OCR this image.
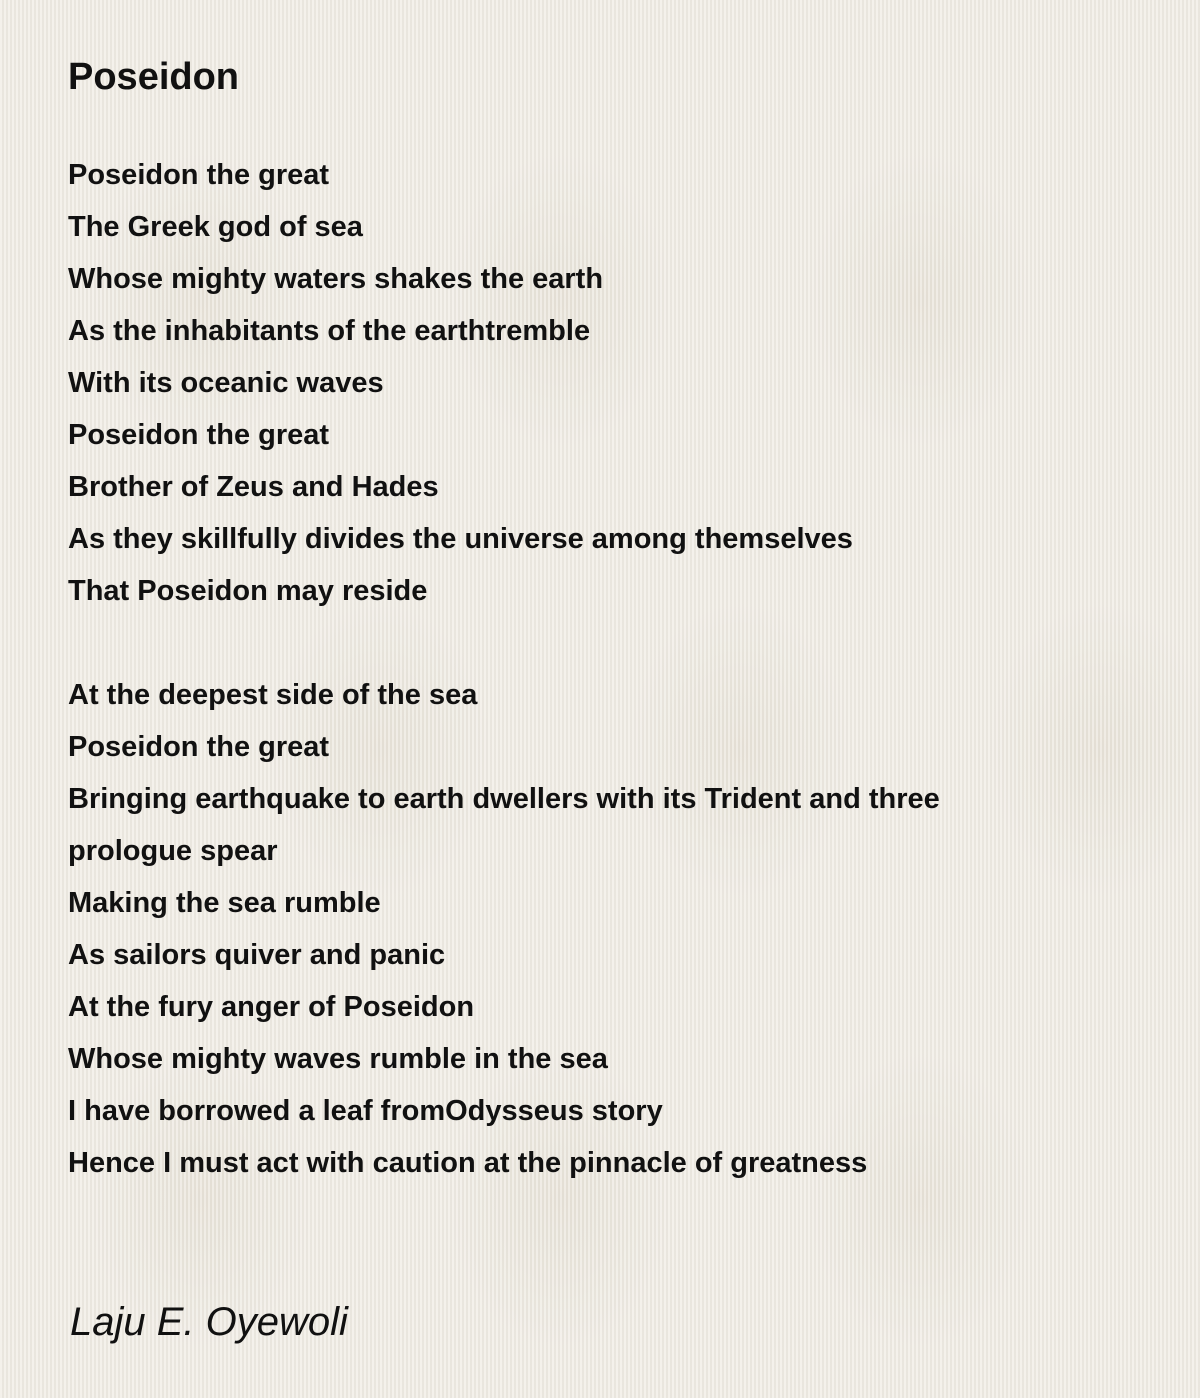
Poseidon

Poseidon the great
The Greek god of sea
Whose mighty waters shakes the earth
As the inhabitants of the earthtremble
With its oceanic waves
Poseidon the great
Brother of Zeus and Hades
As they skillfully divides the universe among themselves
That Poseidon may reside

At the deepest side of the sea
Poseidon the great
Bringing earthquake to earth dwellers with its Trident and three
prologue spear
Making the sea rumble
As sailors quiver and panic
At the fury anger of Poseidon
Whose mighty waves rumble in the sea
I have borrowed a leaf fromOdysseus story
Hence I must act with caution at the pinnacle of greatness

Laju E. Oyewoli
